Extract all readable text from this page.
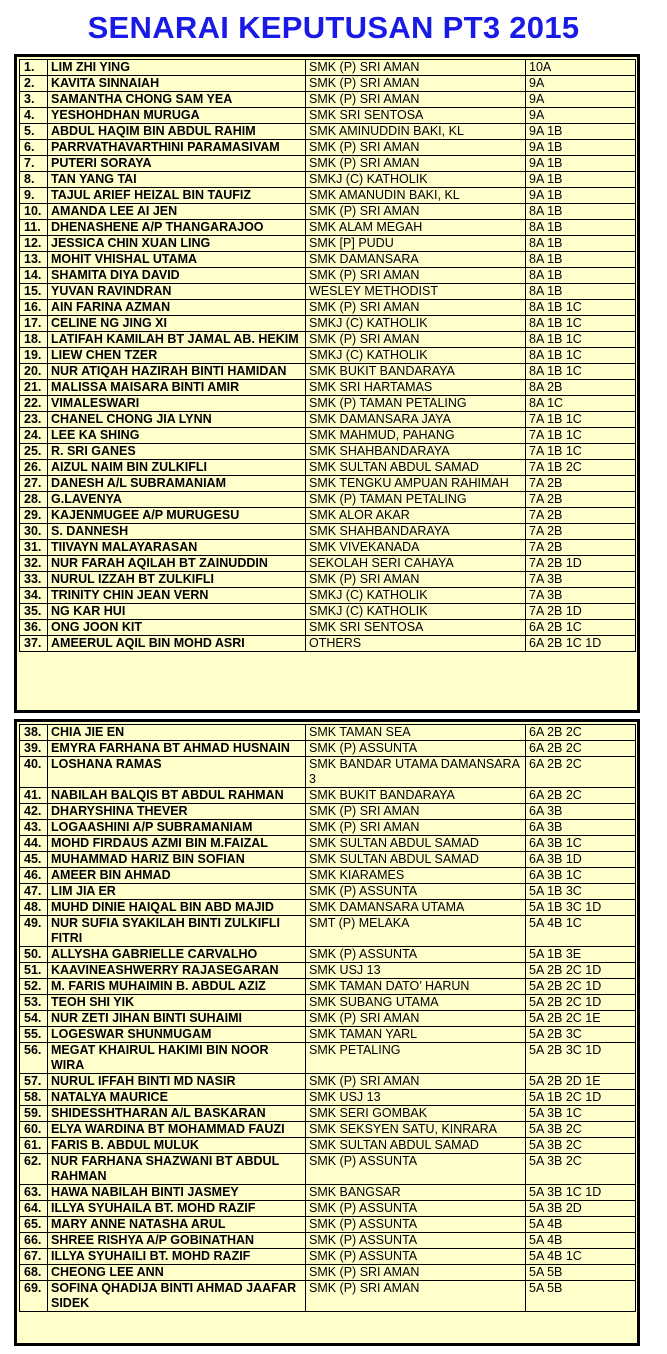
SENARAI KEPUTUSAN PT3 2015
1.	LIM ZHI YING	SMK (P) SRI AMAN	10A
2.	KAVITA SINNAIAH	SMK (P) SRI AMAN	9A
3.	SAMANTHA CHONG SAM YEA	SMK (P) SRI AMAN	9A
4.	YESHOHDHAN MURUGA	SMK SRI SENTOSA	9A
5.	ABDUL HAQIM BIN ABDUL RAHIM	SMK AMINUDDIN BAKI, KL	9A 1B
6.	PARRVATHAVARTHINI PARAMASIVAM	SMK (P) SRI AMAN	9A 1B
7.	PUTERI SORAYA	SMK (P) SRI AMAN	9A 1B
8.	TAN YANG TAI	SMKJ (C) KATHOLIK	9A 1B
9.	TAJUL ARIEF HEIZAL BIN TAUFIZ	SMK AMANUDIN BAKI, KL	9A 1B
10.	AMANDA LEE AI JEN	SMK (P) SRI AMAN	8A 1B
11.	DHENASHENE A/P THANGARAJOO	SMK ALAM MEGAH	8A 1B
12.	JESSICA CHIN XUAN LING	SMK [P] PUDU	8A 1B
13.	MOHIT VHISHAL UTAMA	SMK DAMANSARA	8A 1B
14.	SHAMITA DIYA DAVID	SMK (P) SRI AMAN	8A 1B
15.	YUVAN RAVINDRAN	WESLEY METHODIST	8A 1B
16.	AIN FARINA AZMAN	SMK (P) SRI AMAN	8A 1B 1C
17.	CELINE NG JING XI	SMKJ (C) KATHOLIK	8A 1B 1C
18.	LATIFAH KAMILAH BT JAMAL AB. HEKIM	SMK (P) SRI AMAN	8A 1B 1C
19.	LIEW CHEN TZER	SMKJ (C) KATHOLIK	8A 1B 1C
20.	NUR ATIQAH HAZIRAH BINTI HAMIDAN	SMK BUKIT BANDARAYA	8A 1B 1C
21.	MALISSA MAISARA BINTI AMIR	SMK SRI HARTAMAS	8A 2B
22.	VIMALESWARI	SMK (P) TAMAN PETALING	8A 1C
23.	CHANEL CHONG JIA LYNN	SMK DAMANSARA JAYA	7A 1B 1C
24.	LEE KA SHING	SMK MAHMUD, PAHANG	7A 1B 1C
25.	R. SRI GANES	SMK SHAHBANDARAYA	7A 1B 1C
26.	AIZUL NAIM BIN ZULKIFLI	SMK SULTAN ABDUL SAMAD	7A 1B 2C
27.	DANESH A/L SUBRAMANIAM	SMK TENGKU AMPUAN RAHIMAH	7A 2B
28.	G.LAVENYA	SMK (P) TAMAN PETALING	7A 2B
29.	KAJENMUGEE A/P MURUGESU	SMK ALOR AKAR	7A 2B
30.	S. DANNESH	SMK SHAHBANDARAYA	7A 2B
31.	TIIVAYN MALAYARASAN	SMK VIVEKANADA	7A 2B
32.	NUR FARAH AQILAH BT ZAINUDDIN	SEKOLAH SERI CAHAYA	7A 2B 1D
33.	NURUL IZZAH BT ZULKIFLI	SMK (P) SRI AMAN	7A 3B
34.	TRINITY CHIN JEAN VERN	SMKJ (C) KATHOLIK	7A 3B
35.	NG KAR HUI	SMKJ (C) KATHOLIK	7A 2B 1D
36.	ONG JOON KIT	SMK SRI SENTOSA	6A 2B 1C
37.	AMEERUL AQIL BIN MOHD ASRI	OTHERS	6A 2B 1C 1D
38.	CHIA JIE EN	SMK TAMAN SEA	6A 2B 2C
39.	EMYRA FARHANA BT AHMAD HUSNAIN	SMK (P) ASSUNTA	6A 2B 2C
40.	LOSHANA RAMAS	SMK BANDAR UTAMA DAMANSARA 3	6A 2B 2C
41.	NABILAH BALQIS BT ABDUL RAHMAN	SMK BUKIT BANDARAYA	6A 2B 2C
42.	DHARYSHINA THEVER	SMK (P) SRI AMAN	6A 3B
43.	LOGAASHINI A/P SUBRAMANIAM	SMK (P) SRI AMAN	6A 3B
44.	MOHD FIRDAUS AZMI BIN M.FAIZAL	SMK SULTAN ABDUL SAMAD	6A 3B 1C
45.	MUHAMMAD HARIZ BIN SOFIAN	SMK SULTAN ABDUL SAMAD	6A 3B 1D
46.	AMEER BIN AHMAD	SMK KIARAMES	6A 3B 1C
47.	LIM JIA ER	SMK (P) ASSUNTA	5A 1B 3C
48.	MUHD DINIE HAIQAL BIN ABD MAJID	SMK DAMANSARA UTAMA	5A 1B 3C 1D
49.	NUR SUFIA SYAKILAH BINTI ZULKIFLI FITRI	SMT (P) MELAKA	5A 4B 1C
50.	ALLYSHA GABRIELLE CARVALHO	SMK (P) ASSUNTA	5A 1B 3E
51.	KAAVINEASHWERRY RAJASEGARAN	SMK USJ 13	5A 2B 2C 1D
52.	M. FARIS MUHAIMIN B. ABDUL AZIZ	SMK TAMAN DATO’ HARUN	5A 2B 2C 1D
53.	TEOH SHI YIK	SMK SUBANG UTAMA	5A 2B 2C 1D
54.	NUR ZETI JIHAN BINTI SUHAIMI	SMK (P) SRI AMAN	5A 2B 2C 1E
55.	LOGESWAR SHUNMUGAM	SMK TAMAN YARL	5A 2B 3C
56.	MEGAT KHAIRUL HAKIMI BIN NOOR WIRA	SMK PETALING	5A 2B 3C 1D
57.	NURUL IFFAH BINTI MD NASIR	SMK (P) SRI AMAN	5A 2B 2D 1E
58.	NATALYA MAURICE	SMK USJ 13	5A 1B 2C 1D
59.	SHIDESSHTHARAN A/L BASKARAN	SMK SERI GOMBAK	5A 3B 1C
60.	ELYA WARDINA BT MOHAMMAD FAUZI	SMK SEKSYEN SATU, KINRARA	5A 3B 2C
61.	FARIS B. ABDUL MULUK	SMK SULTAN ABDUL SAMAD	5A 3B 2C
62.	NUR FARHANA SHAZWANI BT ABDUL RAHMAN	SMK (P) ASSUNTA	5A 3B 2C
63.	HAWA NABILAH BINTI JASMEY	SMK BANGSAR	5A 3B 1C 1D
64.	ILLYA SYUHAILA BT. MOHD RAZIF	SMK (P) ASSUNTA	5A 3B 2D
65.	MARY ANNE NATASHA ARUL	SMK (P) ASSUNTA	5A 4B
66.	SHREE RISHYA A/P GOBINATHAN	SMK (P) ASSUNTA	5A 4B
67.	ILLYA SYUHAILI BT. MOHD RAZIF	SMK (P) ASSUNTA	5A 4B 1C
68.	CHEONG LEE ANN	SMK (P) SRI AMAN	5A 5B
69.	SOFINA QHADIJA BINTI AHMAD JAAFAR SIDEK	SMK (P) SRI AMAN	5A 5B
